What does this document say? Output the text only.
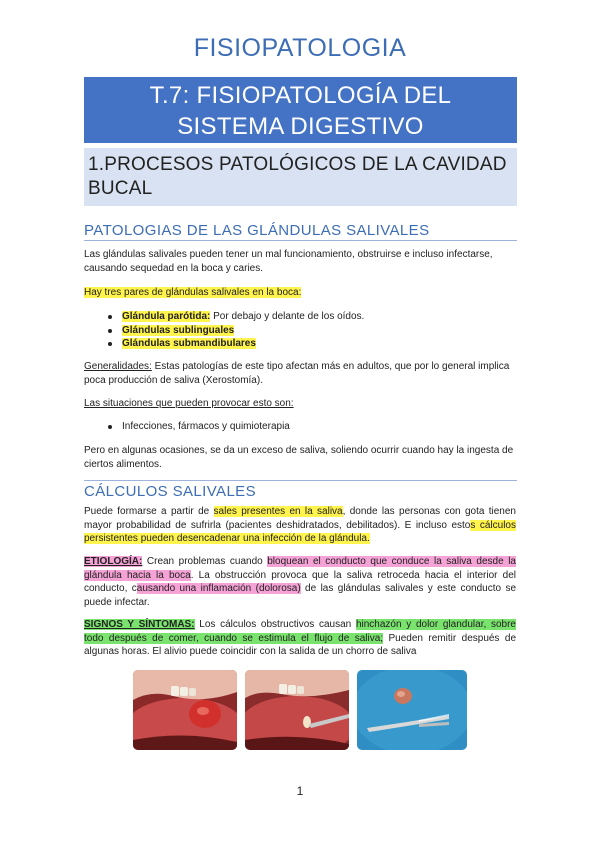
FISIOPATOLOGIA
T.7: FISIOPATOLOGÍA DEL
SISTEMA DIGESTIVO
1.PROCESOS PATOLÓGICOS DE LA CAVIDAD
BUCAL
PATOLOGIAS DE LAS GLÁNDULAS SALIVALES
Las glándulas salivales pueden tener un mal funcionamiento, obstruirse e incluso infectarse, causando sequedad en la boca y caries.
Hay tres pares de glándulas salivales en la boca:
Glándula parótida: Por debajo y delante de los oídos.
Glándulas sublinguales
Glándulas submandibulares
Generalidades: Estas patologías de este tipo afectan más en adultos, que por lo general implica poca producción de saliva (Xerostomía).
Las situaciones que pueden provocar esto son:
Infecciones, fármacos y quimioterapia
Pero en algunas ocasiones, se da un exceso de saliva, soliendo ocurrir cuando hay la ingesta de ciertos alimentos.
CÁLCULOS SALIVALES
Puede formarse a partir de sales presentes en la saliva, donde las personas con gota tienen mayor probabilidad de sufrirla (pacientes deshidratados, debilitados). E incluso estos cálculos persistentes pueden desencadenar una infección de la glándula.
ETIOLOGÍA: Crean problemas cuando bloquean el conducto que conduce la saliva desde la glándula hacia la boca. La obstrucción provoca que la saliva retroceda hacia el interior del conducto, causando una inflamación (dolorosa) de las glándulas salivales y este conducto se puede infectar.
SIGNOS Y SÍNTOMAS: Los cálculos obstructivos causan hinchazón y dolor glandular, sobre todo después de comer, cuando se estimula el flujo de saliva; Pueden remitir después de algunas horas. El alivio puede coincidir con la salida de un chorro de saliva
1
